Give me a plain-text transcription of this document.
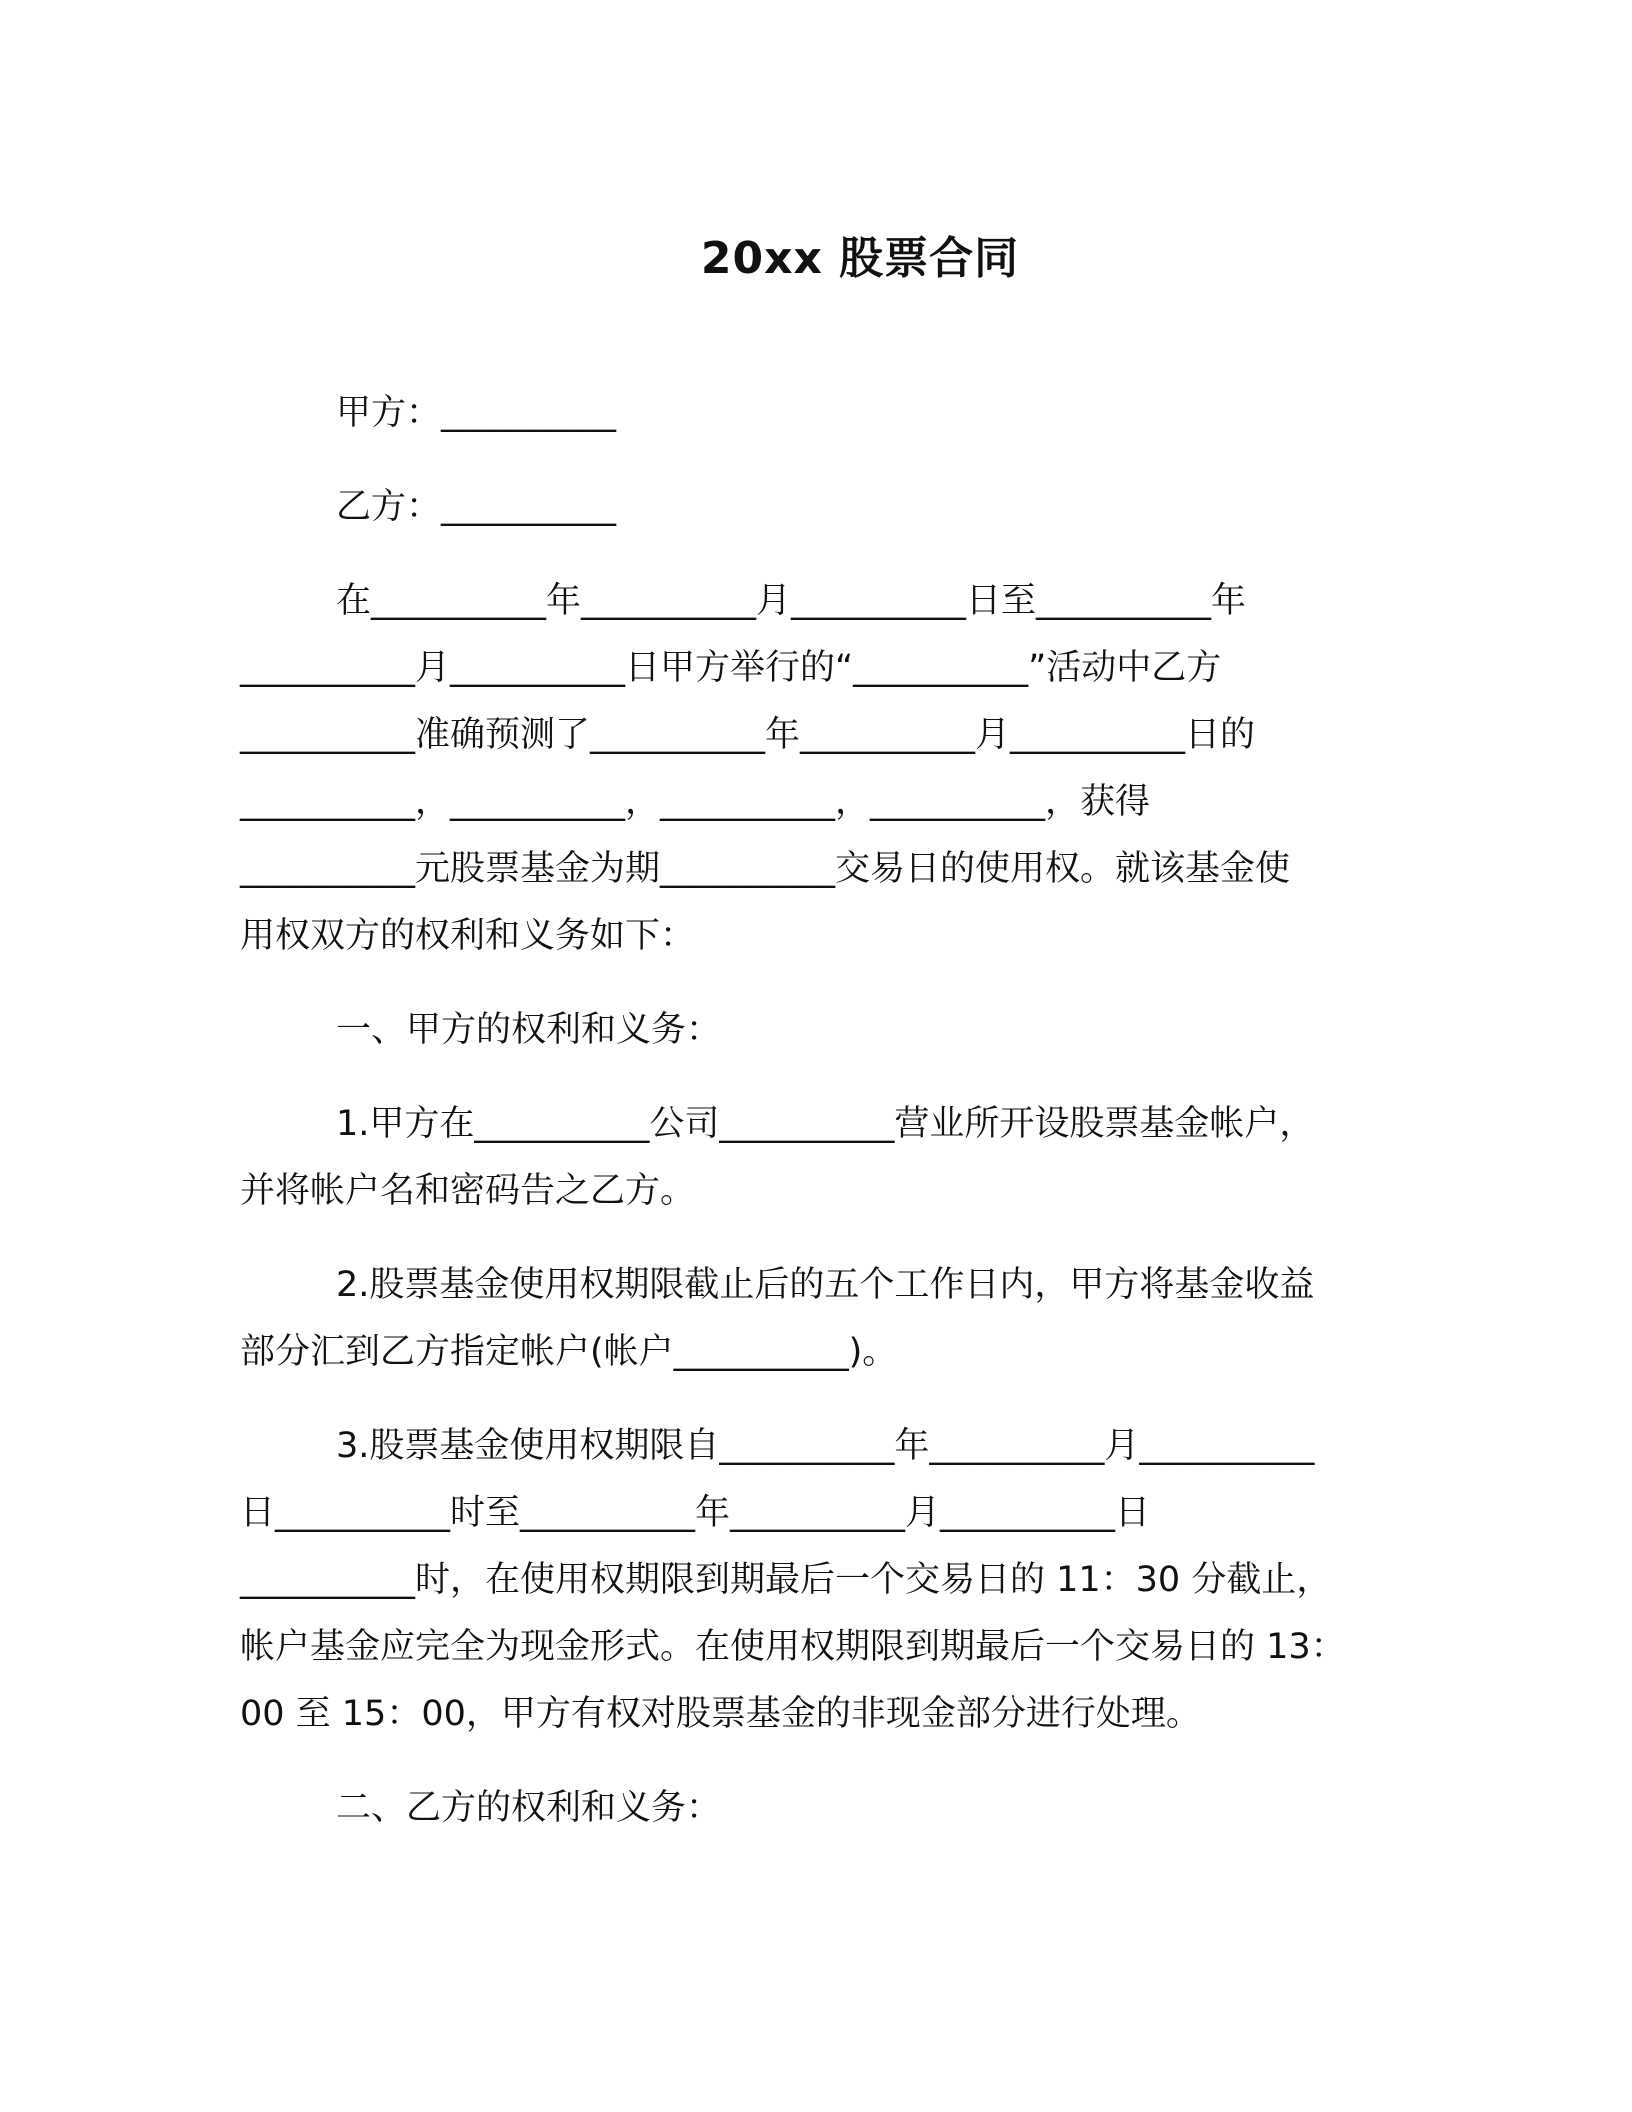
20xx 股票合同

甲方：__________

乙方：__________

在__________年__________月__________日至__________年

__________月__________日甲方举行的“__________”活动中乙方

__________准确预测了__________年__________月__________日的

__________，__________，__________，__________，获得

__________元股票基金为期__________交易日的使用权。就该基金使

用权双方的权利和义务如下：

一、甲方的权利和义务：

1.甲方在__________公司__________营业所开设股票基金帐户，

并将帐户名和密码告之乙方。

2.股票基金使用权期限截止后的五个工作日内，甲方将基金收益

部分汇到乙方指定帐户(帐户__________)。

3.股票基金使用权期限自__________年__________月__________

日__________时至__________年__________月__________日

__________时，在使用权期限到期最后一个交易日的 11：30 分截止，

帐户基金应完全为现金形式。在使用权期限到期最后一个交易日的 13：

00 至 15：00，甲方有权对股票基金的非现金部分进行处理。

二、乙方的权利和义务：
